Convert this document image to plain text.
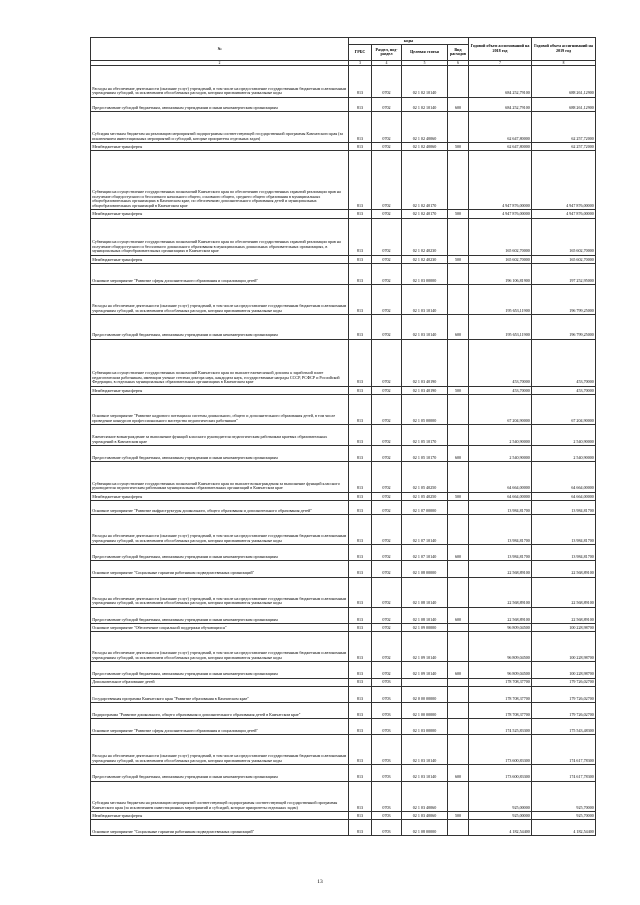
№	коды				Годовой объем ассигнований на 2018 год	Годовой объем ассигнований на 2019 год
	ГРБС	Раздел, под-раздел	Целевая статья	Вид расходов		
2	3	4	5	6	7	8
Расходы на обеспечение деятельности (оказание услуг) учреждений, в том числе на предоставление государственным бюджетным и автономным учреждениям субсидий, за исключением обособленных расходов, которым присваиваются уникальные коды	813	0702	02 1 02 10140		684 252,79100	688 261,12900
Предоставление субсидий бюджетным, автономным учреждениям и иным некоммерческим организациям	813	0702	02 1 02 10140	600	684 252,79100	688 261,12900
Субсидия местным бюджетам на реализацию мероприятий подпрограммы соответствующей государственной программы Камчатского края (за исключением инвестиционных мероприятий и субсидий, которые приоритеты отдельных задач)	813	0702	02 1 02 40060		62 647,80000	62 257,72000
Межбюджетные трансферты	813	0702	02 1 02 40060	500	62 647,80000	62 257,72000
Субвенции на осуществление государственных полномочий Камчатского края по обеспечению государственных гарантий реализации прав на получение общедоступного и бесплатного начального общего, основного общего, среднего общего образования в муниципальных общеобразовательных организациях в Камчатском крае, по обеспечению дополнительного образования детей и муниципальных общеобразовательных организаций в Камчатском крае	813	0702	02 1 02 40170		4 947 876,00000	4 947 876,00000
Межбюджетные трансферты	813	0702	02 1 02 40170	500	4 947 876,00000	4 947 876,00000
Субвенции на осуществление государственных полномочий Камчатского края по обеспечению государственных гарантий реализации прав на получение общедоступного и бесплатного дошкольного образования в муниципальных дошкольных образовательных организациях, в муниципальных общеобразовательных организациях в Камчатском крае	813	0702	02 1 02 40230		165 602,70000	165 602,70000
Межбюджетные трансферты	813	0702	02 1 02 40230	500	165 602,70000	165 602,70000
Основное мероприятие "Развитие сферы дополнительного образования и социализации детей"	813	0702	02 1 03 00000		196 106,81900	197 252,95000
Расходы на обеспечение деятельности (оказание услуг) учреждений, в том числе на предоставление государственным бюджетным и автономным учреждениям субсидий, за исключением обособленных расходов, которым присваиваются уникальные коды	813	0702	02 1 03 10140		195 653,11900	196 799,25000
Предоставление субсидий бюджетным, автономным учреждениям и иным некоммерческим организациям	813	0702	02 1 03 10140	600	195 653,11900	196 799,25000
Субвенции на осуществление государственных полномочий Камчатского края по выплате ежемесячной доплаты к заработной плате педагогическим работникам, имеющим ученые степени доктора наук, кандидата наук, государственные награды СССР, РСФСР и Российской Федерации, в отдельных муниципальных образовательных организациях в Камчатском крае	813	0702	02 1 03 40190		453,70000	453,70000
Межбюджетные трансферты	813	0702	02 1 03 40190	500	453,70000	453,70000
Основное мероприятие "Развитие кадрового потенциала системы дошкольного, общего и дополнительного образования детей, в том числе проведение конкурсов профессионального мастерства педагогических работников"	813	0702	02 1 05 00000		67 204,90000	67 204,90000
Ежемесячное вознаграждение за выполнение функций классного руководителя педагогическим работникам краевых образовательных учреждений в Камчатском крае	813	0702	02 1 05 10170		2 540,90000	2 540,90000
Предоставление субсидий бюджетным, автономным учреждениям и иным некоммерческим организациям	813	0702	02 1 05 10170	600	2 540,90000	2 540,90000
Субвенции на осуществление государственных полномочий Камчатского края по выплате вознаграждения за выполнение функций классного руководителя педагогическим работникам муниципальных образовательных организаций в Камчатском крае	813	0702	02 1 05 40250		64 664,00000	64 664,00000
Межбюджетные трансферты	813	0702	02 1 05 40250	500	64 664,00000	64 664,00000
Основное мероприятие "Развитие инфраструктуры дошкольного, общего образования и дополнительного образования детей"	813	0702	02 1 07 00000		13 984,81700	13 984,81700
Расходы на обеспечение деятельности (оказание услуг) учреждений, в том числе на предоставление государственным бюджетным и автономным учреждениям субсидий, за исключением обособленных расходов, которым присваиваются уникальные коды	813	0702	02 1 07 10140		13 984,81700	13 984,81700
Предоставление субсидий бюджетным, автономным учреждениям и иным некоммерческим организациям	813	0702	02 1 07 10140	600	13 984,81700	13 984,81700
Основное мероприятие "Социальные гарантии работникам подведомственных организаций"	813	0702	02 1 08 00000		22 568,89100	22 568,89100
Расходы на обеспечение деятельности (оказание услуг) учреждений, в том числе на предоставление государственным бюджетным и автономным учреждениям субсидий, за исключением обособленных расходов, которым присваиваются уникальные коды	813	0702	02 1 08 10140		22 568,89100	22 568,89100
Предоставление субсидий бюджетным, автономным учреждениям и иным некоммерческим организациям	813	0702	02 1 08 10140	600	22 568,89100	22 568,89100
Основное мероприятие "Обеспечение социальной поддержки обучающихся"	813	0702	02 1 09 00000		96 809,04500	100 228,98700
Расходы на обеспечение деятельности (оказание услуг) учреждений, в том числе на предоставление государственным бюджетным и автономным учреждениям субсидий, за исключением обособленных расходов, которым присваиваются уникальные коды	813	0702	02 1 09 10140		96 809,04500	100 228,98700
Предоставление субсидий бюджетным, автономным учреждениям и иным некоммерческим организациям	813	0702	02 1 09 10140	600	96 809,04500	100 228,98700
Дополнительное образование детей	813	0703			178 708,37700	179 726,02700
Государственная программа Камчатского края "Развитие образования в Камчатском крае"	813	0703	02 0 00 00000		178 708,37700	179 726,02700
Подпрограмма "Развитие дошкольного, общего образования и дополнительного образования детей в Камчатском крае"	813	0703	02 1 00 00000		178 708,37700	179 726,02700
Основное мероприятие "Развитие сферы дополнительного образования и социализации детей"	813	0703	02 1 03 00000		174 525,83300	175 543,48300
Расходы на обеспечение деятельности (оказание услуг) учреждений, в том числе на предоставление государственным бюджетным и автономным учреждениям субсидий, за исключением обособленных расходов, которым присваиваются уникальные коды	813	0703	02 1 03 10140		173 600,83300	174 617,78300
Предоставление субсидий бюджетным, автономным учреждениям и иным некоммерческим организациям	813	0703	02 1 03 10140	600	173 600,83300	174 617,78300
Субсидия местным бюджетам на реализацию мероприятий соответствующей подпрограммы соответствующей государственной программы Камчатского края (за исключением инвестиционных мероприятий и субсидий, которые приоритеты отдельных задач)	813	0703	02 1 03 40060		925,00000	925,70000
Межбюджетные трансферты	813	0703	02 1 03 40060	500	925,00000	925,70000
Основное мероприятие "Социальные гарантии работникам подведомственных организаций"	813	0703	02 1 08 00000		4 182,54400	4 182,54400
13
